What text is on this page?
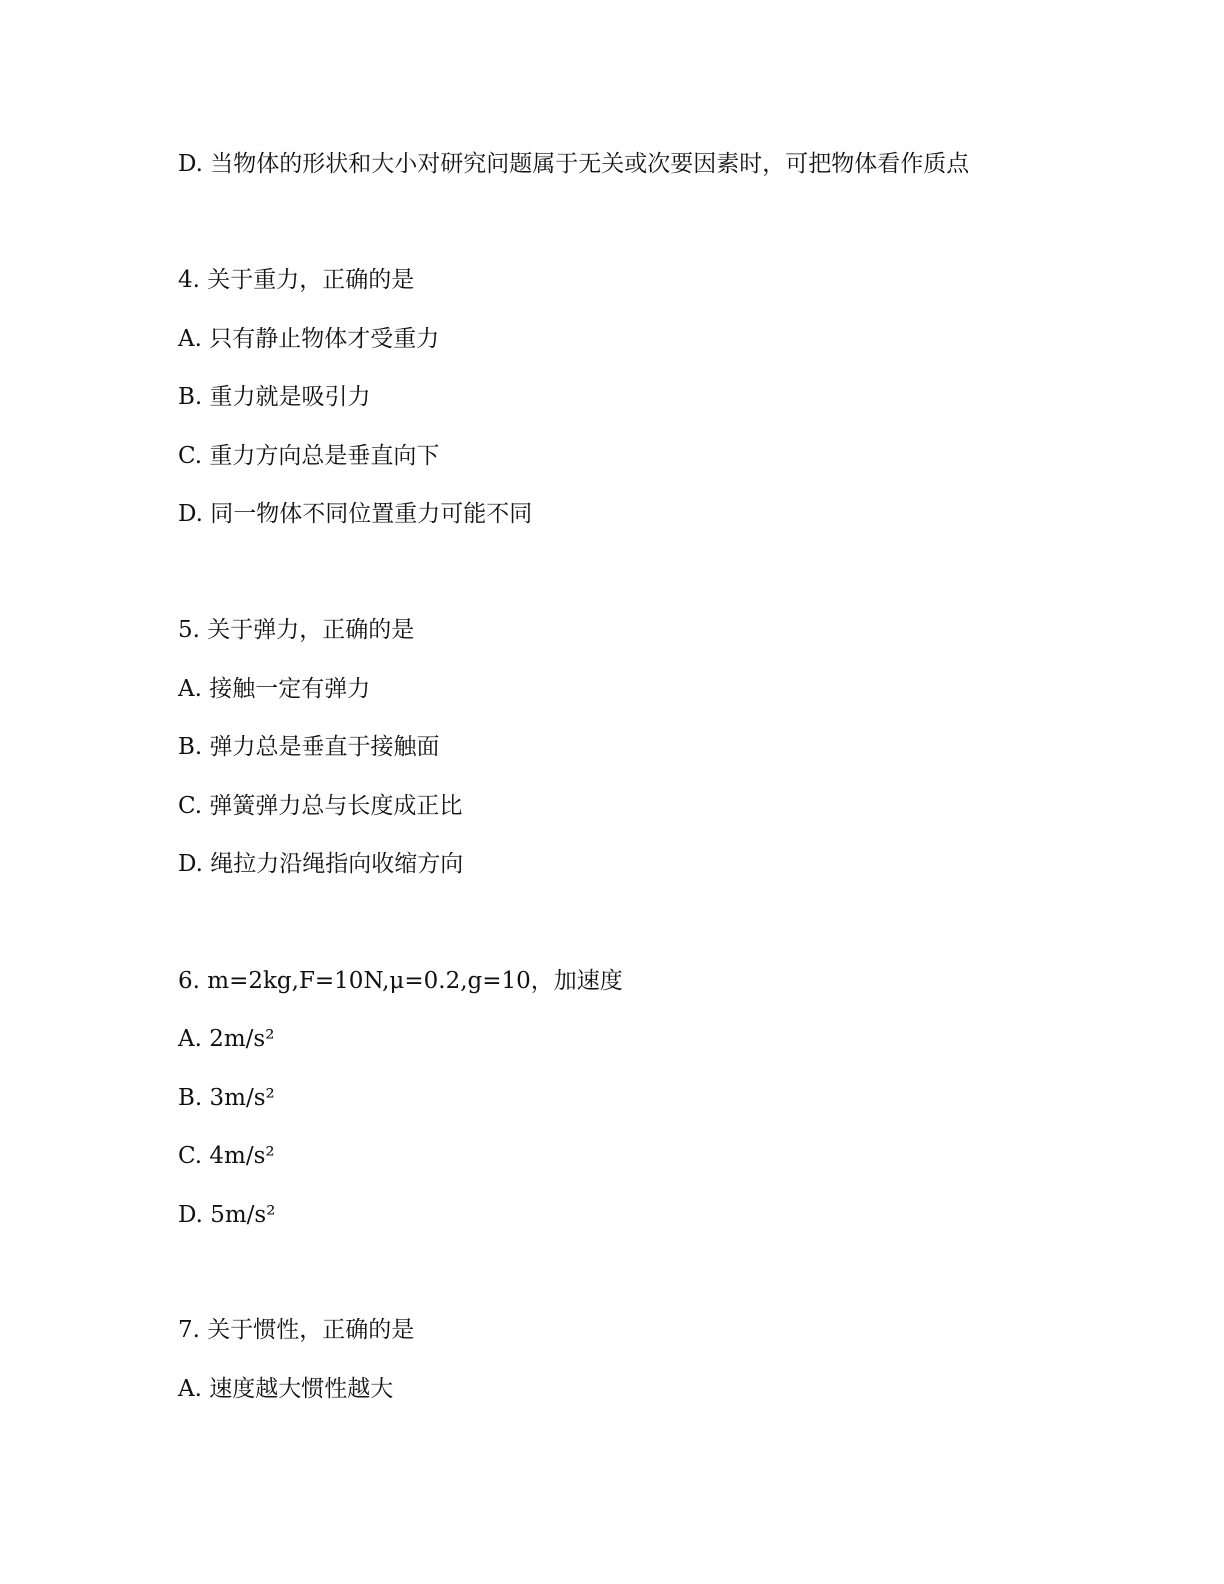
D. 当物体的形状和大小对研究问题属于无关或次要因素时，可把物体看作质点
4. 关于重力，正确的是
A. 只有静止物体才受重力
B. 重力就是吸引力
C. 重力方向总是垂直向下
D. 同一物体不同位置重力可能不同
5. 关于弹力，正确的是
A. 接触一定有弹力
B. 弹力总是垂直于接触面
C. 弹簧弹力总与长度成正比
D. 绳拉力沿绳指向收缩方向
6. m=2kg,F=10N,μ=0.2,g=10，加速度
A. 2m/s²
B. 3m/s²
C. 4m/s²
D. 5m/s²
7. 关于惯性，正确的是
A. 速度越大惯性越大
